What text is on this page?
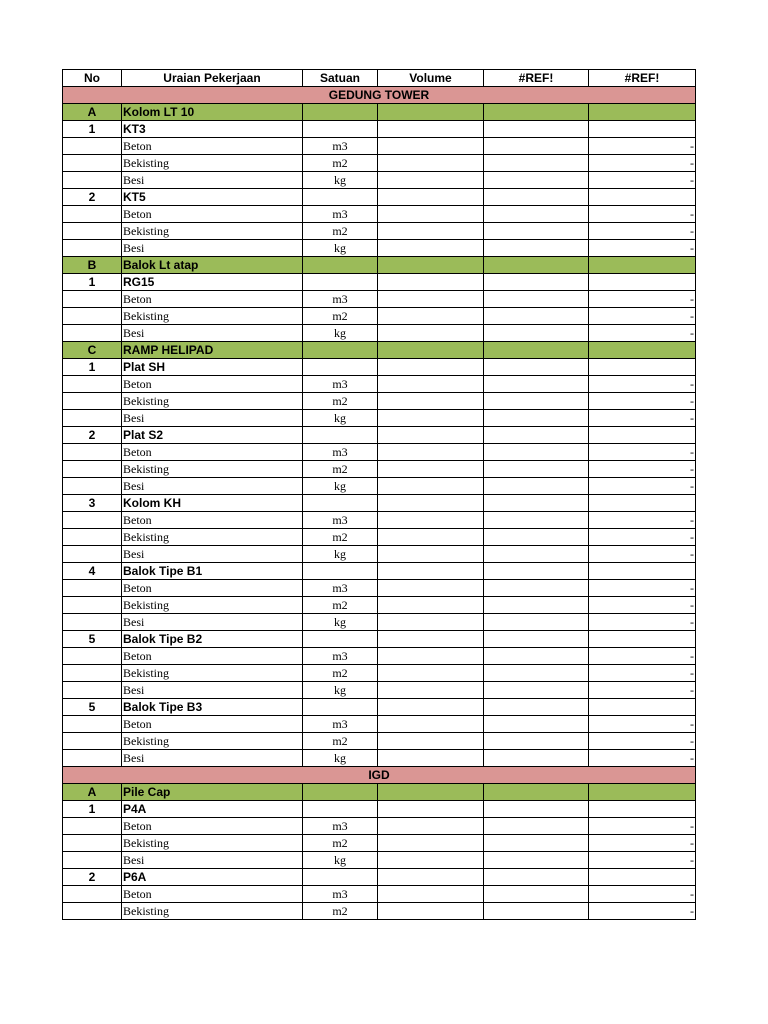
No	Uraian Pekerjaan	Satuan	Volume	#REF!	#REF!
GEDUNG TOWER					
A	Kolom LT 10				
1	KT3				
	Beton	m3			-
	Bekisting	m2			-
	Besi	kg			-
2	KT5				
	Beton	m3			-
	Bekisting	m2			-
	Besi	kg			-
B	Balok Lt atap				
1	RG15				
	Beton	m3			-
	Bekisting	m2			-
	Besi	kg			-
C	RAMP HELIPAD				
1	Plat SH				
	Beton	m3			-
	Bekisting	m2			-
	Besi	kg			-
2	Plat S2				
	Beton	m3			-
	Bekisting	m2			-
	Besi	kg			-
3	Kolom KH				
	Beton	m3			-
	Bekisting	m2			-
	Besi	kg			-
4	Balok Tipe B1				
	Beton	m3			-
	Bekisting	m2			-
	Besi	kg			-
5	Balok Tipe B2				
	Beton	m3			-
	Bekisting	m2			-
	Besi	kg			-
5	Balok Tipe B3				
	Beton	m3			-
	Bekisting	m2			-
	Besi	kg			-
IGD					
A	Pile Cap				
1	P4A				
	Beton	m3			-
	Bekisting	m2			-
	Besi	kg			-
2	P6A				
	Beton	m3			-
	Bekisting	m2			-
